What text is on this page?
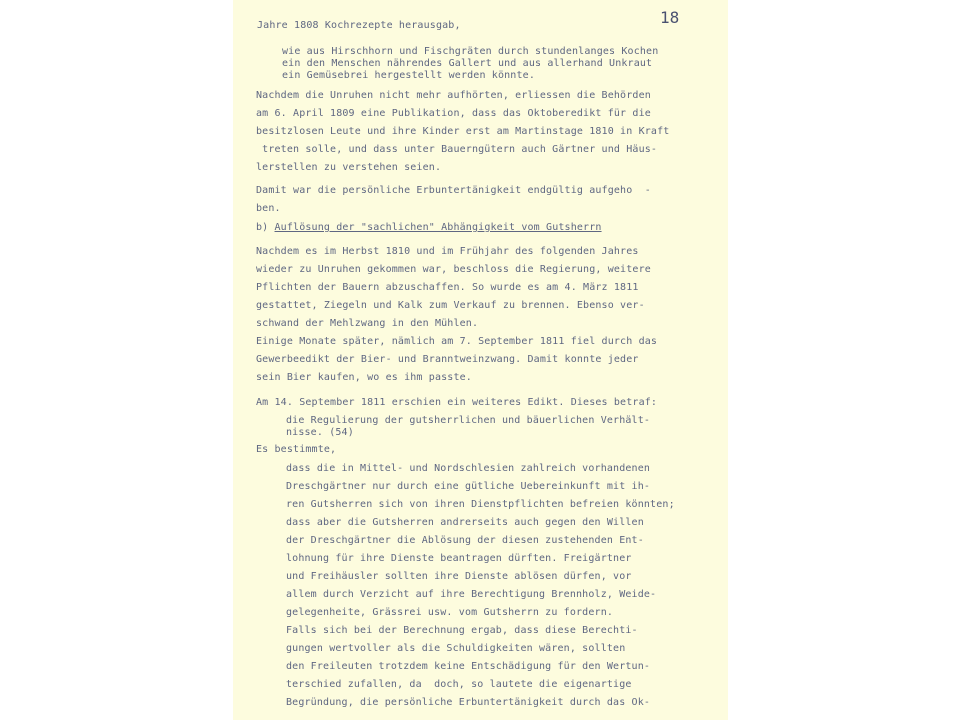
18

Jahre 1808 Kochrezepte herausgab,

wie aus Hirschhorn und Fischgräten durch stundenlanges Kochen

ein den Menschen nährendes Gallert und aus allerhand Unkraut

ein Gemüsebrei hergestellt werden könnte.

Nachdem die Unruhen nicht mehr aufhörten, erliessen die Behörden

am 6. April 1809 eine Publikation, dass das Oktoberedikt für die

besitzlosen Leute und ihre Kinder erst am Martinstage 1810 in Kraft

treten solle, und dass unter Bauerngütern auch Gärtner und Häus-

lerstellen zu verstehen seien.

Damit war die persönliche Erbuntertänigkeit endgültig aufgeho  -

ben.

b) Auflösung der "sachlichen" Abhängigkeit vom Gutsherrn

Nachdem es im Herbst 1810 und im Frühjahr des folgenden Jahres

wieder zu Unruhen gekommen war, beschloss die Regierung, weitere

Pflichten der Bauern abzuschaffen. So wurde es am 4. März 1811

gestattet, Ziegeln und Kalk zum Verkauf zu brennen. Ebenso ver-

schwand der Mehlzwang in den Mühlen.

Einige Monate später, nämlich am 7. September 1811 fiel durch das

Gewerbeedikt der Bier- und Branntweinzwang. Damit konnte jeder

sein Bier kaufen, wo es ihm passte.

Am 14. September 1811 erschien ein weiteres Edikt. Dieses betraf:

die Regulierung der gutsherrlichen und bäuerlichen Verhält-

nisse. (54)

Es bestimmte,

dass die in Mittel- und Nordschlesien zahlreich vorhandenen

Dreschgärtner nur durch eine gütliche Uebereinkunft mit ih-

ren Gutsherren sich von ihren Dienstpflichten befreien könnten;

dass aber die Gutsherren andrerseits auch gegen den Willen

der Dreschgärtner die Ablösung der diesen zustehenden Ent-

lohnung für ihre Dienste beantragen dürften. Freigärtner

und Freihäusler sollten ihre Dienste ablösen dürfen, vor

allem durch Verzicht auf ihre Berechtigung Brennholz, Weide-

gelegenheite, Grässrei usw. vom Gutsherrn zu fordern.

Falls sich bei der Berechnung ergab, dass diese Berechti-

gungen wertvoller als die Schuldigkeiten wären, sollten

den Freileuten trotzdem keine Entschädigung für den Wertun-

terschied zufallen, da  doch, so lautete die eigenartige

Begründung, die persönliche Erbuntertänigkeit durch das Ok-
